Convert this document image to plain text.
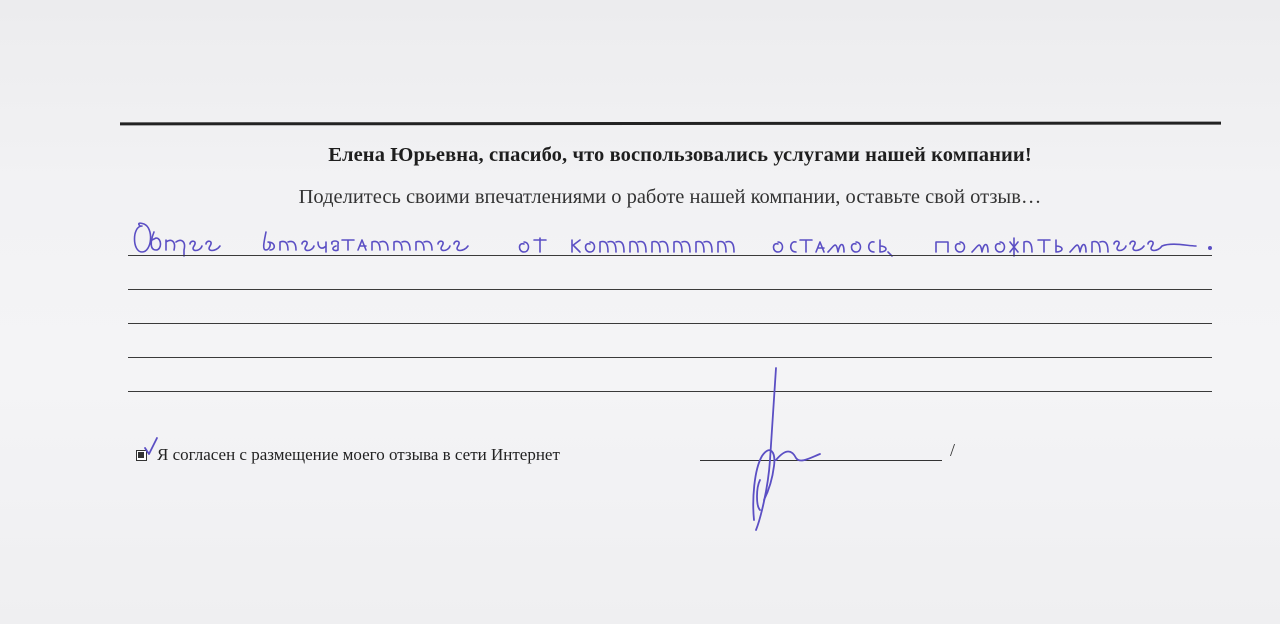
Елена Юрьевна, спасибо, что воспользовались услугами нашей компании!
Поделитесь своими впечатлениями о работе нашей компании, оставьте свой отзыв…
Я согласен с размещение моего отзыва в сети Интернет	/
